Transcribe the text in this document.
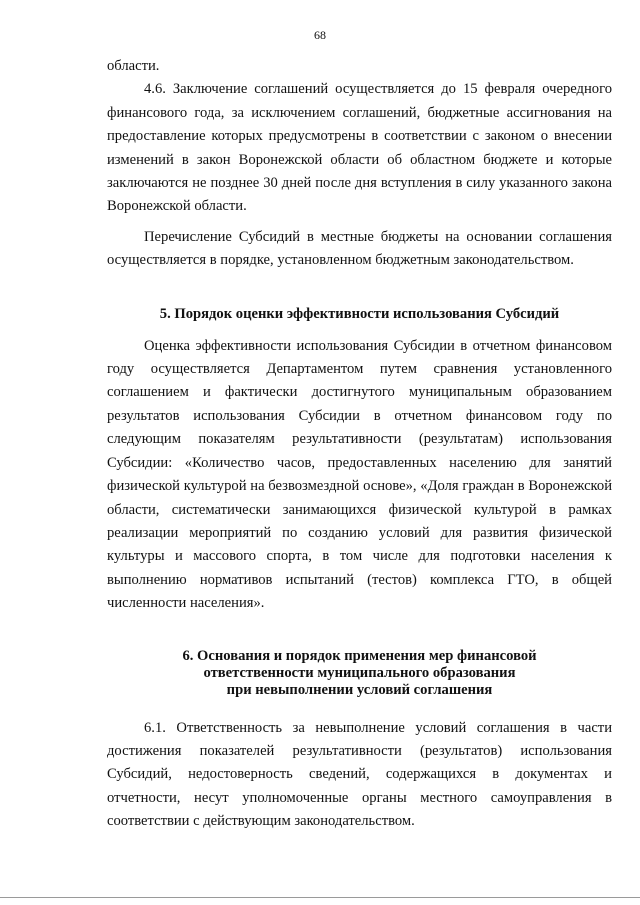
68

области.

4.6. Заключение соглашений осуществляется до 15 февраля очередного финансового года, за исключением соглашений, бюджетные ассигнования на предоставление которых предусмотрены в соответствии с законом о внесении изменений в закон Воронежской области об областном бюджете и которые заключаются не позднее 30 дней после дня вступления в силу указанного закона Воронежской области.

Перечисление Субсидий в местные бюджеты на основании соглашения осуществляется в порядке, установленном бюджетным законодательством.

5. Порядок оценки эффективности использования Субсидий

Оценка эффективности использования Субсидии в отчетном финансовом году осуществляется Департаментом путем сравнения установленного соглашением и фактически достигнутого муниципальным образованием результатов использования Субсидии в отчетном финансовом году по следующим показателям результативности (результатам) использования Субсидии: «Количество часов, предоставленных населению для занятий физической культурой на безвозмездной основе», «Доля граждан в Воронежской области, систематически занимающихся физической культурой в рамках реализации мероприятий по созданию условий для развития физической культуры и массового спорта, в том числе для подготовки населения к выполнению нормативов испытаний (тестов) комплекса ГТО, в общей численности населения».

6. Основания и порядок применения мер финансовой
ответственности муниципального образования
при невыполнении условий соглашения

6.1. Ответственность за невыполнение условий соглашения в части достижения показателей результативности (результатов) использования Субсидий, недостоверность сведений, содержащихся в документах и отчетности, несут уполномоченные органы местного самоуправления в соответствии с действующим законодательством.
